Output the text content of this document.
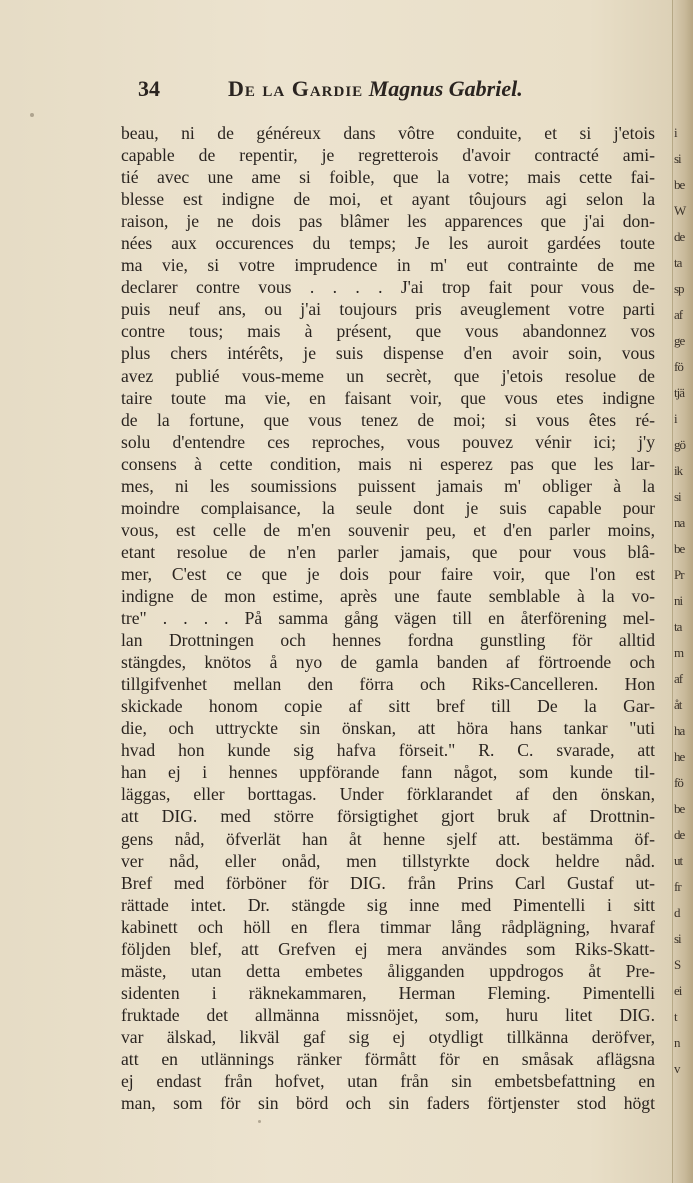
34	De la Gardie Magnus Gabriel.
beau, ni de généreux dans vôtre conduite, et si j'etois
capable de repentir, je regretterois d'avoir contracté ami-
tié avec une ame si foible, que la votre; mais cette fai-
blesse est indigne de moi, et ayant tôujours agi selon la
raison, je ne dois pas blâmer les apparences que j'ai don-
nées aux occurences du temps; Je les auroit gardées toute
ma vie, si votre imprudence in m' eut contrainte de me
declarer contre vous . . . . J'ai trop fait pour vous de-
puis neuf ans, ou j'ai toujours pris aveuglement votre parti
contre tous; mais à présent, que vous abandonnez vos
plus chers intérêts, je suis dispense d'en avoir soin, vous
avez publié vous-meme un secrèt, que j'etois resolue de
taire toute ma vie, en faisant voir, que vous etes indigne
de la fortune, que vous tenez de moi; si vous êtes ré-
solu d'entendre ces reproches, vous pouvez vénir ici; j'y
consens à cette condition, mais ni esperez pas que les lar-
mes, ni les soumissions puissent jamais m' obliger à la
moindre complaisance, la seule dont je suis capable pour
vous, est celle de m'en souvenir peu, et d'en parler moins,
etant resolue de n'en parler jamais, que pour vous blâ-
mer, C'est ce que je dois pour faire voir, que l'on est
indigne de mon estime, après une faute semblable à la vo-
tre" . . . . På samma gång vägen till en återförening mel-
lan Drottningen och hennes fordna gunstling för alltid
stängdes, knötos å nyo de gamla banden af förtroende och
tillgifvenhet mellan den förra och Riks-Cancelleren. Hon
skickade honom copie af sitt bref till De la Gar-
die, och uttryckte sin önskan, att höra hans tankar "uti
hvad hon kunde sig hafva förseit." R. C. svarade, att
han ej i hennes uppförande fann något, som kunde til-
läggas, eller borttagas. Under förklarandet af den önskan,
att DIG. med större försigtighet gjort bruk af Drottnin-
gens nåd, öfverlät han åt henne sjelf att. bestämma öf-
ver nåd, eller onåd, men tillstyrkte dock heldre nåd.
Bref med förböner för DIG. från Prins Carl Gustaf ut-
rättade intet. Dr. stängde sig inne med Pimentelli i sitt
kabinett och höll en flera timmar lång rådplägning, hvaraf
följden blef, att Grefven ej mera användes som Riks-Skatt-
mäste, utan detta embetes åligganden uppdrogos åt Pre-
sidenten i räknekammaren, Herman Fleming. Pimentelli
fruktade det allmänna missnöjet, som, huru litet DIG.
var älskad, likväl gaf sig ej otydligt tillkänna deröfver,
att en utlännings ränker förmått för en småsak aflägsna
ej endast från hofvet, utan från sin embetsbefattning en
man, som för sin börd och sin faders förtjenster stod högt
i
si
be
W
de
ta
sp
af
ge
fö
tjä
i
gö
ik
si
na
be
Pr
ni
ta
m
af
åt
ha
he
fö
be
de
ut
fr
d
si
S
ei
t
n
v
